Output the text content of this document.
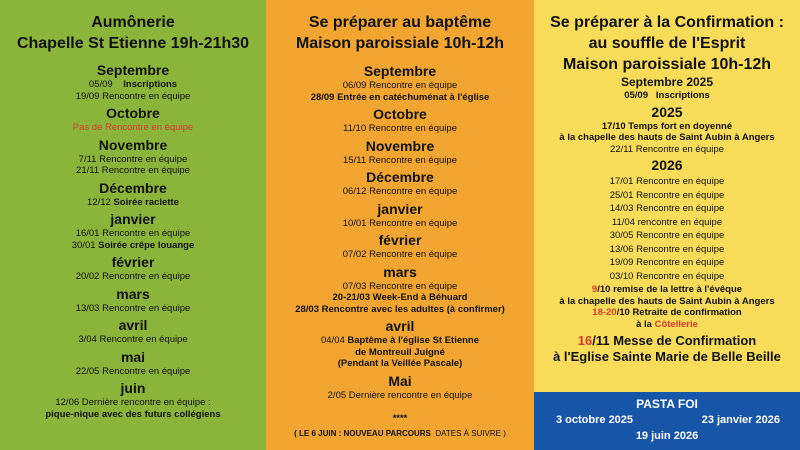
Aumônerie
Chapelle St Etienne 19h-21h30
Septembre
05/09 Inscriptions
19/09 Rencontre en équipe
Octobre
Pas de Rencontre en équipe
Novembre
7/11 Rencontre en équipe
21/11 Rencontre en équipe
Décembre
12/12 Soirée raclette
janvier
16/01 Rencontre en équipe
30/01 Soirée crêpe louange
février
20/02 Rencontre en équipe
mars
13/03 Rencontre en équipe
avril
3/04 Rencontre en équipe
mai
22/05 Rencontre en équipe
juin
12/06 Dernière rencontre en équipe :
pique-nique avec des futurs collégiens
Se préparer au baptême
Maison paroissiale 10h-12h
Septembre
06/09 Rencontre en équipe
28/09 Entrée en catéchuménat à l'église
Octobre
11/10 Rencontre en équipe
Novembre
15/11 Rencontre en équipe
Décembre
06/12 Rencontre en équipe
janvier
10/01 Rencontre en équipe
février
07/02 Rencontre en équipe
mars
07/03 Rencontre en équipe
20-21/03 Week-End à Béhuard
28/03 Rencontre avec les adultes (à confirmer)
avril
04/04 Baptême à l'église St Etienne
de Montreuil Juigné
(Pendant la Veillée Pascale)
Mai
2/05 Dernière rencontre en équipe
****
( LE 6 JUIN : NOUVEAU PARCOURS DATES À SUIVRE )
Se préparer à la Confirmation :
au souffle de l'Esprit
Maison paroissiale 10h-12h
Septembre 2025
05/09 Inscriptions
2025
17/10 Temps fort en doyenné
à la chapelle des hauts de Saint Aubin à Angers
22/11 Rencontre en équipe
2026
17/01 Rencontre en équipe
25/01 Rencontre en équipe
14/03 Rencontre en équipe
11/04 rencontre en équipe
30/05 Rencontre en équipe
13/06 Rencontre en équipe
19/09 Rencontre en équipe
03/10 Rencontre en équipe
9/10 remise de la lettre à l'évêque
à la chapelle des hauts de Saint Aubin à Angers
18-20/10 Retraite de confirmation
à la Côtellerie
16/11 Messe de Confirmation
à l'Eglise Sainte Marie de Belle Beille
PASTA FOI
3 octobre 2025	23 janvier 2026
19 juin 2026
